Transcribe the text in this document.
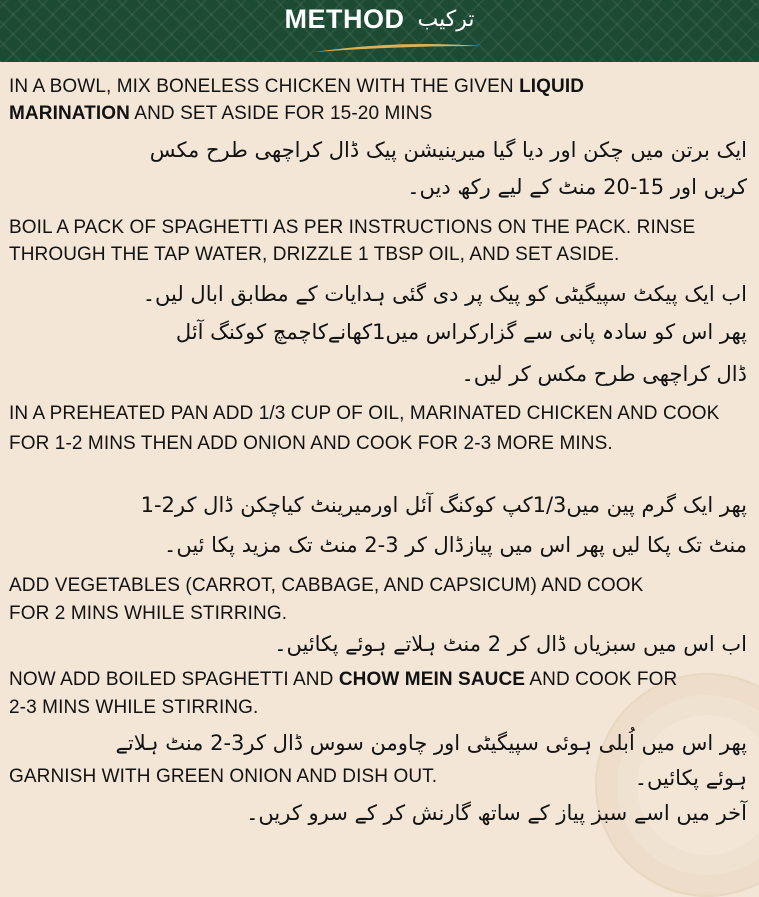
METHOD ترکیب
IN A BOWL, MIX BONELESS CHICKEN WITH THE GIVEN LIQUID
MARINATION AND SET ASIDE FOR 15-20 MINS
ایک برتن میں چکن اور دیا گیا میرینیشن پیک ڈال کراچھی طرح مکس
کریں اور 15-20 منٹ کے لیے رکھ دیں۔
BOIL A PACK OF SPAGHETTI AS PER INSTRUCTIONS ON THE PACK. RINSE
THROUGH THE TAP WATER, DRIZZLE 1 TBSP OIL, AND SET ASIDE.
اب ایک پیکٹ سپیگیٹی کو پیک پر دی گئی ہدایات کے مطابق ابال لیں۔
پھر اس کو سادہ پانی سے گزارکراس میں1کھانےکاچمچ کوکنگ آئل
ڈال کراچھی طرح مکس کر لیں۔
IN A PREHEATED PAN ADD 1/3 CUP OF OIL, MARINATED CHICKEN AND COOK
FOR 1-2 MINS THEN ADD ONION AND COOK FOR 2-3 MORE MINS.
پھر ایک گرم پین میں1/3کپ کوکنگ آئل اورمیرینٹ کیاچکن ڈال کر2-1
منٹ تک پکا لیں پھر اس میں پیازڈال کر 3-2 منٹ تک مزید پکا ئیں۔
ADD VEGETABLES (CARROT, CABBAGE, AND CAPSICUM) AND COOK
FOR 2 MINS WHILE STIRRING.
اب اس میں سبزیاں ڈال کر 2 منٹ ہلاتے ہوئے پکائیں۔
NOW ADD BOILED SPAGHETTI AND CHOW MEIN SAUCE AND COOK FOR
2-3 MINS WHILE STIRRING.
پھر اس میں اُبلی ہوئی سپیگیٹی اور چاومن سوس ڈال کر3-2 منٹ ہلاتے
ہوئے پکائیں۔
GARNISH WITH GREEN ONION AND DISH OUT.
آخر میں اسے سبز پیاز کے ساتھ گارنش کر کے سرو کریں۔
